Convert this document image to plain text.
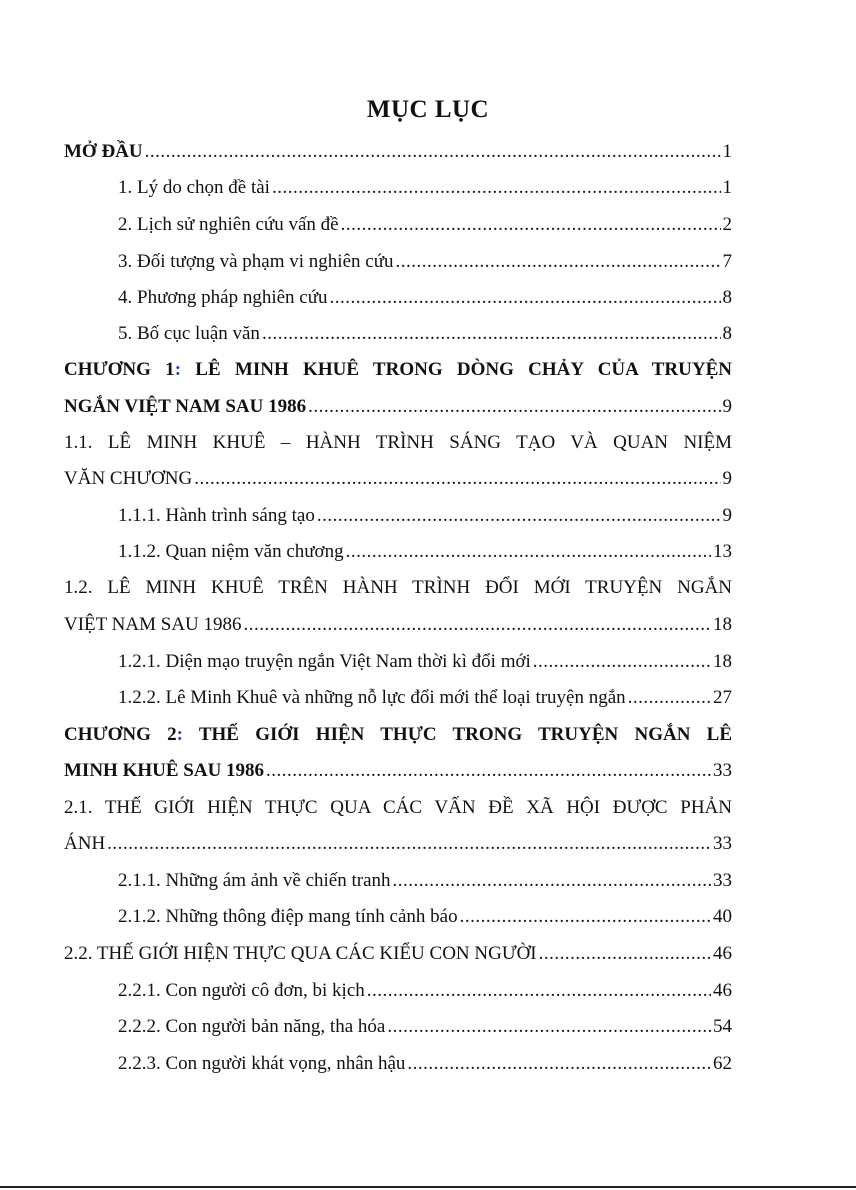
MỤC LỤC
MỞ ĐẦU .....	1
1. Lý do chọn đề tài .....	1
2. Lịch sử nghiên cứu vấn đề .....	2
3. Đối tượng và phạm vi nghiên cứu .....	7
4. Phương pháp nghiên cứu .....	8
5. Bố cục luận văn .....	8
CHƯƠNG 1: LÊ MINH KHUÊ TRONG DÒNG CHẢY CỦA TRUYỆN
NGẮN VIỆT NAM SAU 1986 .....	9
1.1. LÊ MINH KHUÊ – HÀNH TRÌNH SÁNG TẠO VÀ QUAN NIỆM
VĂN CHƯƠNG .....	9
1.1.1. Hành trình sáng tạo .....	9
1.1.2. Quan niệm văn chương .....	13
1.2. LÊ MINH KHUÊ TRÊN HÀNH TRÌNH ĐỔI MỚI TRUYỆN NGẮN
VIỆT NAM SAU 1986 .....	18
1.2.1. Diện mạo truyện ngắn Việt Nam thời kì đổi mới .....	18
1.2.2. Lê Minh Khuê và những nỗ lực đổi mới thể loại truyện ngắn .....	27
CHƯƠNG 2: THẾ GIỚI HIỆN THỰC TRONG TRUYỆN NGẮN LÊ
MINH KHUÊ SAU 1986 .....	33
2.1. THẾ GIỚI HIỆN THỰC QUA CÁC VẤN ĐỀ XÃ HỘI ĐƯỢC PHẢN
ÁNH .....	33
2.1.1. Những ám ảnh về chiến tranh .....	33
2.1.2. Những thông điệp mang tính cảnh báo .....	40
2.2. THẾ GIỚI HIỆN THỰC QUA CÁC KIỂU CON NGƯỜI .....	46
2.2.1. Con người cô đơn, bi kịch .....	46
2.2.2. Con người bản năng, tha hóa .....	54
2.2.3. Con người khát vọng, nhân hậu .....	62
